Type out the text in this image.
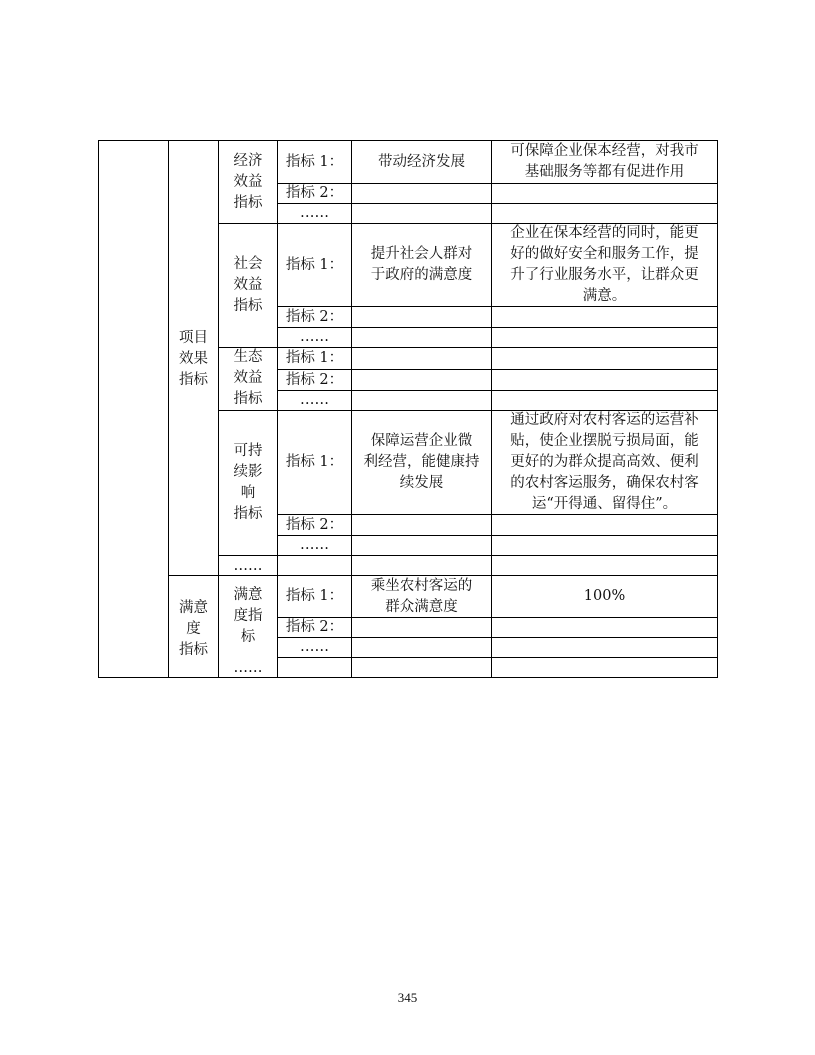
项目
效果
指标
满意
度
指标
经济
效益
指标
社会
效益
指标
生态
效益
指标
可持
续影
响
指标
……
满意
度指
标
……
指标 1：	带动经济发展
可保障企业保本经营，对我市
基础服务等都有促进作用
指标 2：
……
指标 1：
提升社会人群对
于政府的满意度
企业在保本经营的同时，能更
好的做好安全和服务工作，提
升了行业服务水平，让群众更
满意。
指标 2：
……
指标 1：
指标 2：
……
指标 1：
保障运营企业微
利经营，能健康持
续发展
通过政府对农村客运的运营补
贴，使企业摆脱亏损局面，能
更好的为群众提高高效、便利
的农村客运服务，确保农村客
运“开得通、留得住”。
指标 2：
……
指标 1：
乘坐农村客运的
群众满意度
100%
指标 2：
……
345
